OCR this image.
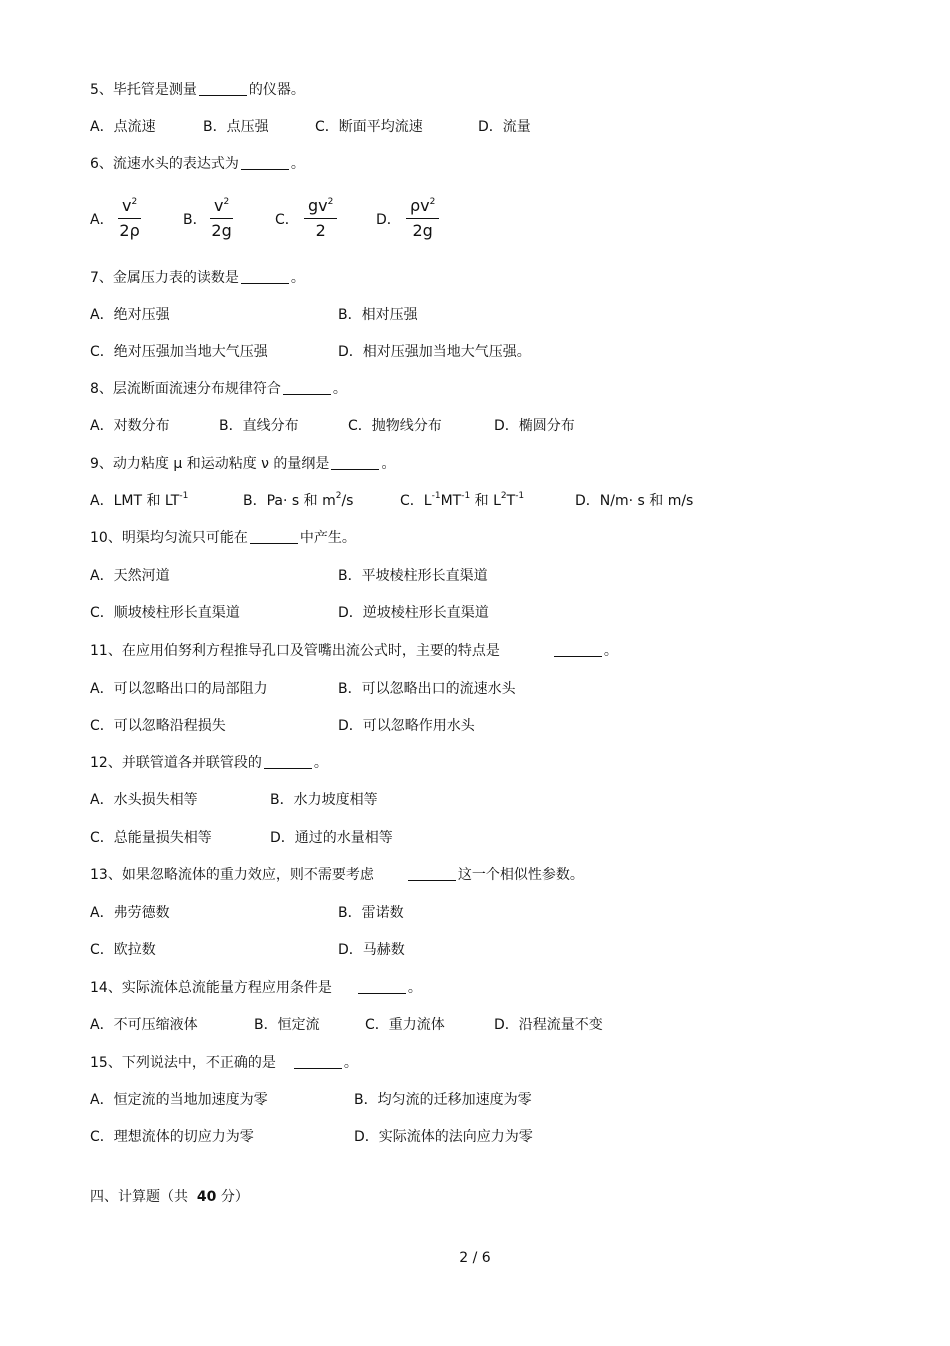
5、毕托管是测量	的仪器。
A．点流速	B．点压强	C．断面平均流速	D．流量
6、流速水头的表达式为	。
A． $\frac{v^2}{2\rho}$	B． $\frac{v^2}{2g}$	C． $\frac{gv^2}{2}$	D． $\frac{\rho v^2}{2g}$
7、金属压力表的读数是	。
A．绝对压强	B．相对压强
C．绝对压强加当地大气压强	D．相对压强加当地大气压强。
8、层流断面流速分布规律符合	。
A．对数分布	B．直线分布	C．抛物线分布	D．椭圆分布
9、动力粘度 μ 和运动粘度 ν 的量纲是	。
A．LMT 和 $LT^{-1}$	B．Pa· s 和 $m^2/s$	C．$L^{-1}MT^{-1}$ 和 $L^2T^{-1}$	D．N/m· s 和 m/s
10、明渠均匀流只可能在	中产生。
A．天然河道	B．平坡棱柱形长直渠道
C．顺坡棱柱形长直渠道	D．逆坡棱柱形长直渠道
11、在应用伯努利方程推导孔口及管嘴出流公式时，主要的特点是	。
A．可以忽略出口的局部阻力	B．可以忽略出口的流速水头
C．可以忽略沿程损失	D．可以忽略作用水头
12、并联管道各并联管段的	。
A．水头损失相等	B．水力坡度相等
C．总能量损失相等	D．通过的水量相等
13、如果忽略流体的重力效应，则不需要考虑	这一个相似性参数。
A．弗劳德数	B．雷诺数
C．欧拉数	D．马赫数
14、实际流体总流能量方程应用条件是	。
A．不可压缩液体	B．恒定流	C．重力流体	D．沿程流量不变
15、下列说法中，不正确的是	。
A．恒定流的当地加速度为零	B．均匀流的迁移加速度为零
C．理想流体的切应力为零	D．实际流体的法向应力为零
四、计算题（共 40 分）
2 / 6
